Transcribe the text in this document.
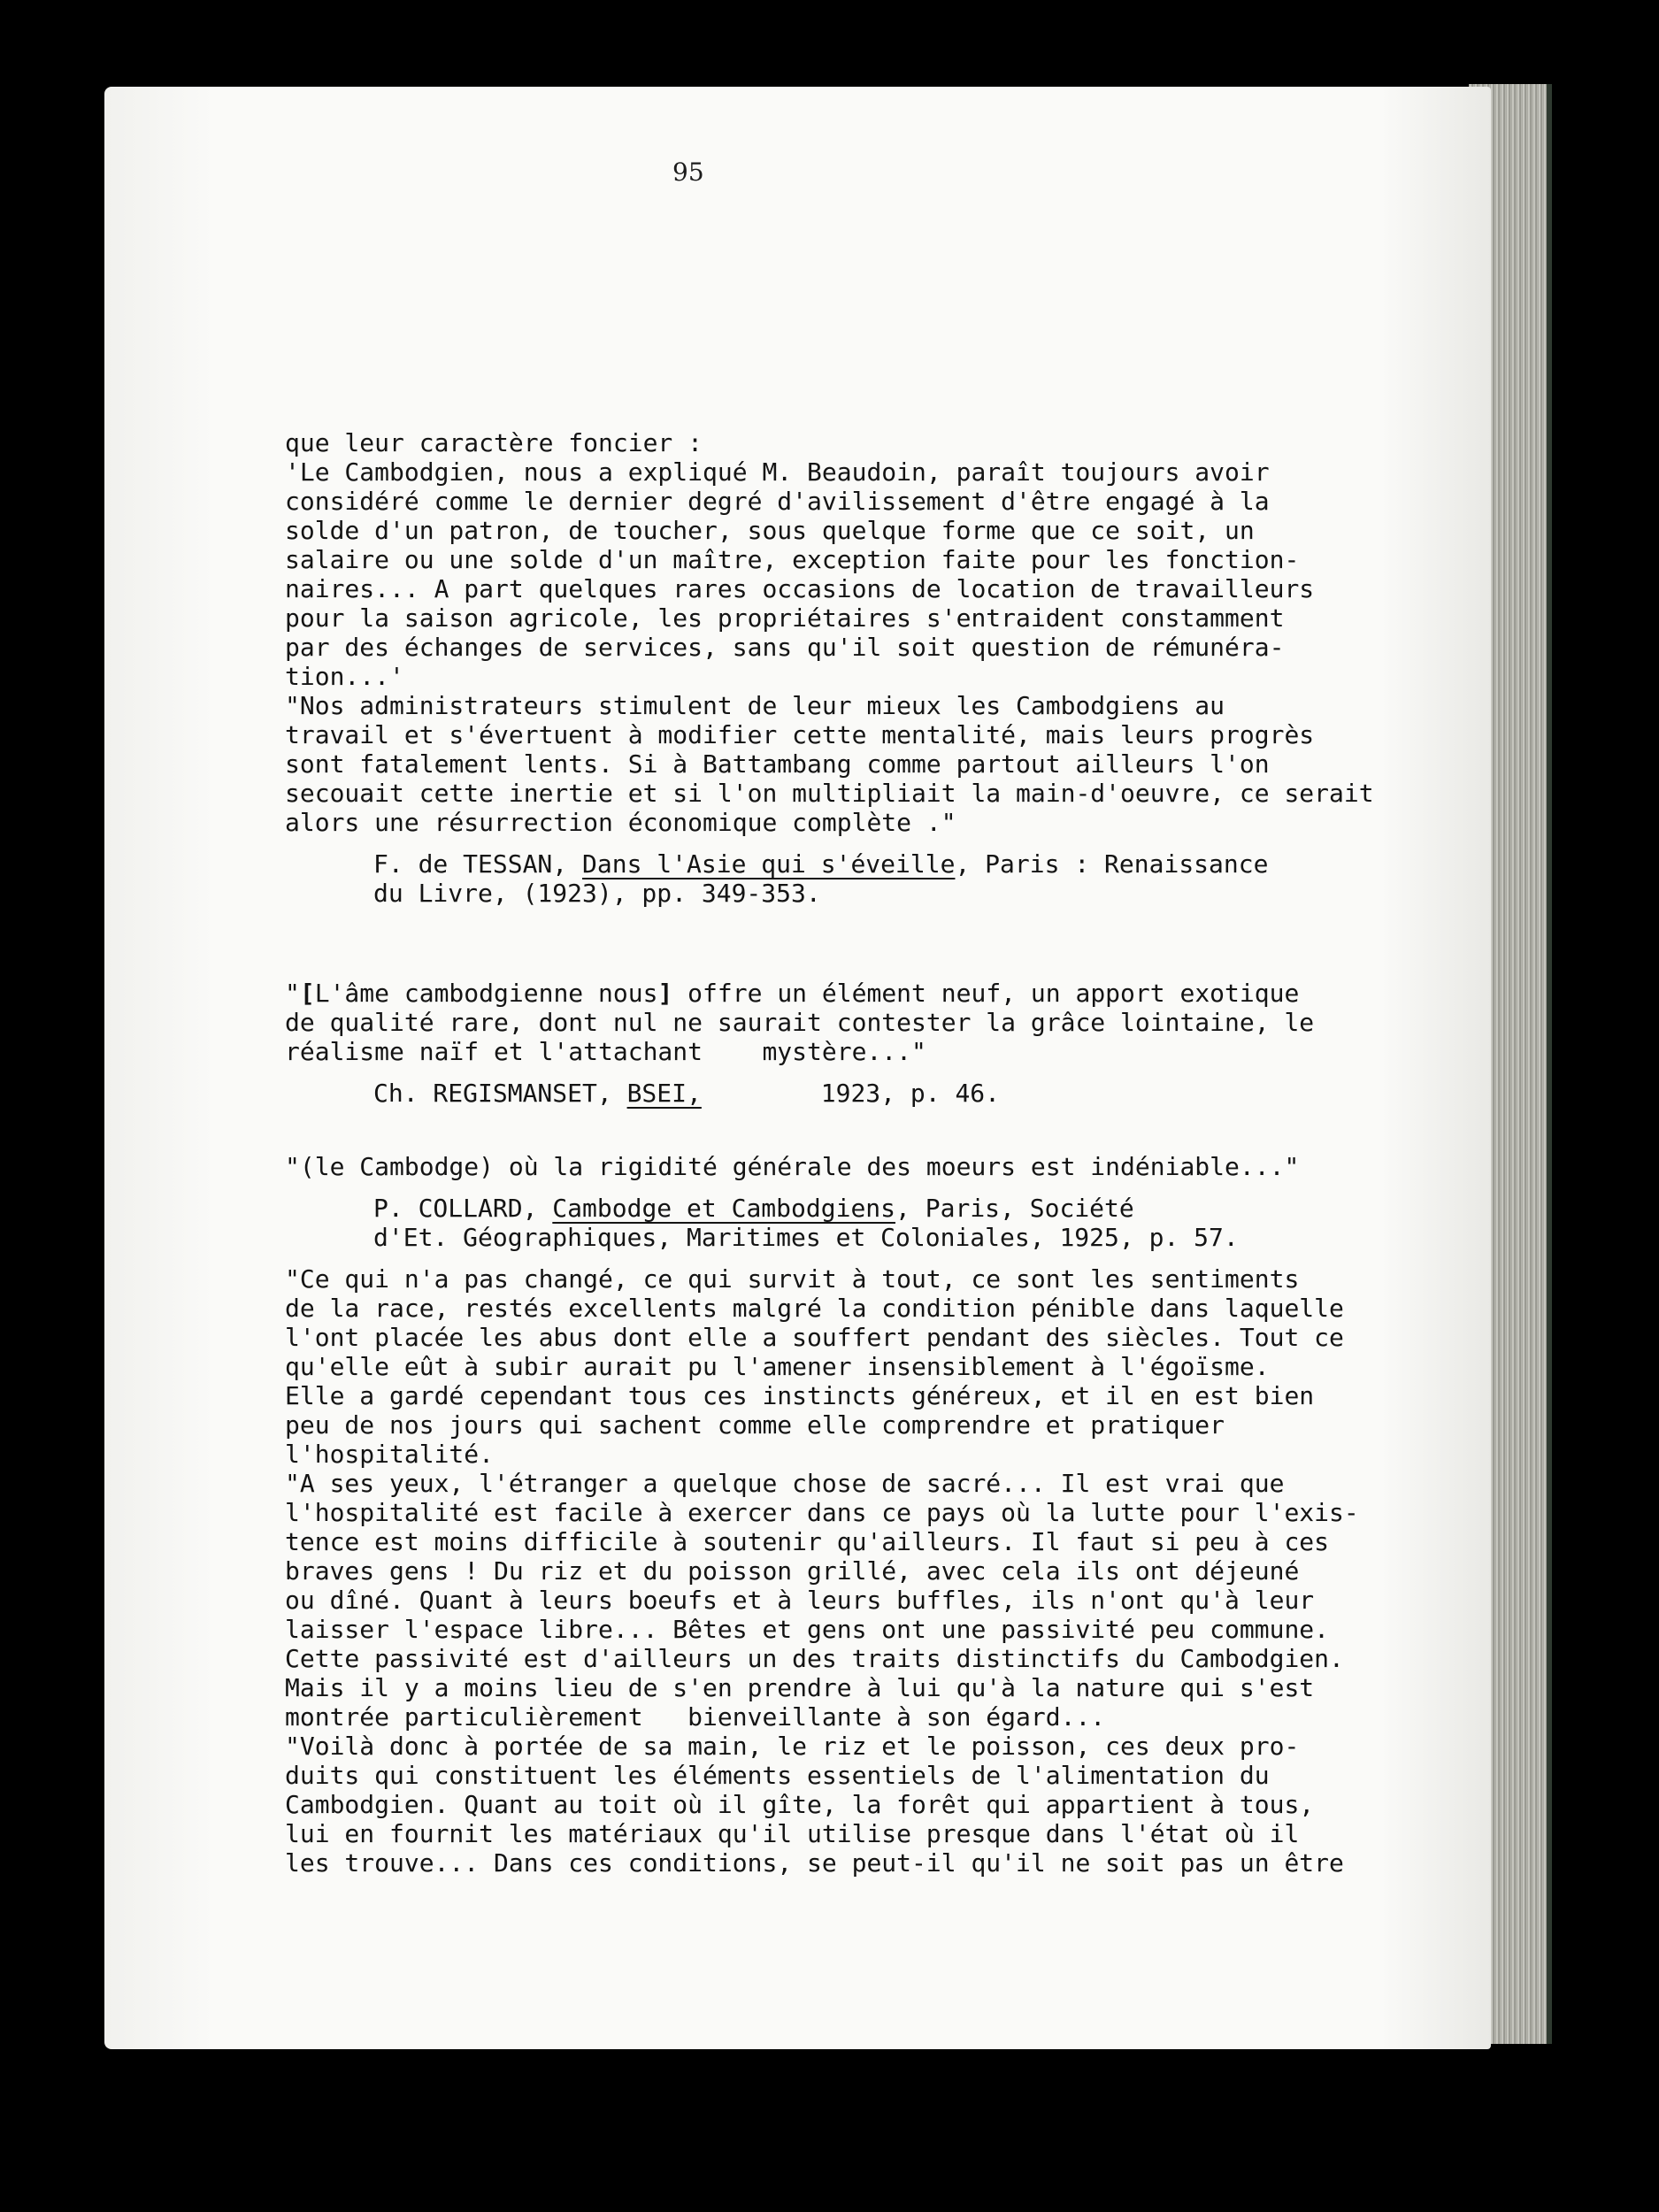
95
que leur caractère foncier :
'Le Cambodgien, nous a expliqué M. Beaudoin, paraît toujours avoir
considéré comme le dernier degré d'avilissement d'être engagé à la
solde d'un patron, de toucher, sous quelque forme que ce soit, un
salaire ou une solde d'un maître, exception faite pour les fonction-
naires... A part quelques rares occasions de location de travailleurs
pour la saison agricole, les propriétaires s'entraident constamment
par des échanges de services, sans qu'il soit question de rémunéra-
tion...'
"Nos administrateurs stimulent de leur mieux les Cambodgiens au
travail et s'évertuent à modifier cette mentalité, mais leurs progrès
sont fatalement lents. Si à Battambang comme partout ailleurs l'on
secouait cette inertie et si l'on multipliait la main-d'oeuvre, ce serait
alors une résurrection économique complète ."
F. de TESSAN, Dans l'Asie qui s'éveille, Paris : Renaissance
du Livre, (1923), pp. 349-353.
"[L'âme cambodgienne nous] offre un élément neuf, un apport exotique
de qualité rare, dont nul ne saurait contester la grâce lointaine, le
réalisme naïf et l'attachant    mystère..."
Ch. REGISMANSET, BSEI,        1923, p. 46.
"(le Cambodge) où la rigidité générale des moeurs est indéniable..."
P. COLLARD, Cambodge et Cambodgiens, Paris, Société
d'Et. Géographiques, Maritimes et Coloniales, 1925, p. 57.
"Ce qui n'a pas changé, ce qui survit à tout, ce sont les sentiments
de la race, restés excellents malgré la condition pénible dans laquelle
l'ont placée les abus dont elle a souffert pendant des siècles. Tout ce
qu'elle eût à subir aurait pu l'amener insensiblement à l'égoïsme.
Elle a gardé cependant tous ces instincts généreux, et il en est bien
peu de nos jours qui sachent comme elle comprendre et pratiquer
l'hospitalité.
"A ses yeux, l'étranger a quelque chose de sacré... Il est vrai que
l'hospitalité est facile à exercer dans ce pays où la lutte pour l'exis-
tence est moins difficile à soutenir qu'ailleurs. Il faut si peu à ces
braves gens ! Du riz et du poisson grillé, avec cela ils ont déjeuné
ou dîné. Quant à leurs boeufs et à leurs buffles, ils n'ont qu'à leur
laisser l'espace libre... Bêtes et gens ont une passivité peu commune.
Cette passivité est d'ailleurs un des traits distinctifs du Cambodgien.
Mais il y a moins lieu de s'en prendre à lui qu'à la nature qui s'est
montrée particulièrement   bienveillante à son égard...
"Voilà donc à portée de sa main, le riz et le poisson, ces deux pro-
duits qui constituent les éléments essentiels de l'alimentation du
Cambodgien. Quant au toit où il gîte, la forêt qui appartient à tous,
lui en fournit les matériaux qu'il utilise presque dans l'état où il
les trouve... Dans ces conditions, se peut-il qu'il ne soit pas un être
